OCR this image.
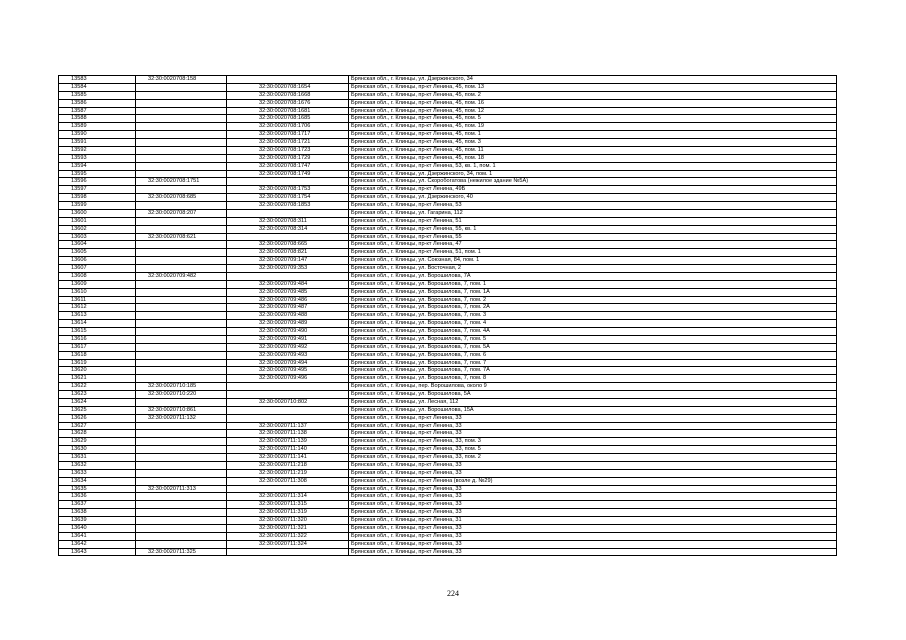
13583	32:30:0020708:158		Брянская обл., г. Клинцы, ул. Дзержинского, 34
13584		32:30:0020708:1654	Брянская обл., г. Клинцы, пр-кт Ленина, 45, пом. 13
13585		32:30:0020708:1668	Брянская обл., г. Клинцы, пр-кт Ленина, 45, пом. 2
13586		32:30:0020708:1676	Брянская обл., г. Клинцы, пр-кт Ленина, 45, пом. 16
13587		32:30:0020708:1681	Брянская обл., г. Клинцы, пр-кт Ленина, 45, пом. 12
13588		32:30:0020708:1685	Брянская обл., г. Клинцы, пр-кт Ленина, 45, пом. 5
13589		32:30:0020708:1706	Брянская обл., г. Клинцы, пр-кт Ленина, 45, пом. 19
13590		32:30:0020708:1717	Брянская обл., г. Клинцы, пр-кт Ленина, 45, пом. 1
13591		32:30:0020708:1721	Брянская обл., г. Клинцы, пр-кт Ленина, 45, пом. 3
13592		32:30:0020708:1723	Брянская обл., г. Клинцы, пр-кт Ленина, 45, пом. 11
13593		32:30:0020708:1729	Брянская обл., г. Клинцы, пр-кт Ленина, 45, пом. 18
13594		32:30:0020708:1747	Брянская обл., г. Клинцы, пр-кт Ленина, 53, кв. 1, пом. 1
13595		32:30:0020708:1749	Брянская обл., г. Клинцы, ул. Дзержинского, 34, пом. 1
13596	32:30:0020708:1751		Брянская обл., г. Клинцы, ул. Скоробогатова (нежилое здание №5А)
13597		32:30:0020708:1753	Брянская обл., г. Клинцы, пр-кт Ленина, 49Б
13598	32:30:0020708:685	32:30:0020708:1754	Брянская обл., г. Клинцы, ул. Дзержинского, 40
13599		32:30:0020708:1853	Брянская обл., г. Клинцы, пр-кт Ленина, 53
13600	32:30:0020708:207		Брянская обл., г. Клинцы, ул. Гагарина, 112
13601		32:30:0020708:311	Брянская обл., г. Клинцы, пр-кт Ленина, 51
13602		32:30:0020708:314	Брянская обл., г. Клинцы, пр-кт Ленина, 55, кв. 1
13603	32:30:0020708:621		Брянская обл., г. Клинцы, пр-кт Ленина, 55
13604		32:30:0020708:665	Брянская обл., г. Клинцы, пр-кт Ленина, 47
13605		32:30:0020708:821	Брянская обл., г. Клинцы, пр-кт Ленина, 51, пом. 1
13606		32:30:0020709:147	Брянская обл., г. Клинцы, ул. Союзная, 84, пом. 1
13607		32:30:0020709:353	Брянская обл., г. Клинцы, ул. Восточная, 2
13608	32:30:0020709:482		Брянская обл., г. Клинцы, ул. Ворошилова, 7А
13609		32:30:0020709:484	Брянская обл., г. Клинцы, ул. Ворошилова, 7, пом. 1
13610		32:30:0020709:485	Брянская обл., г. Клинцы, ул. Ворошилова, 7, пом. 1А
13611		32:30:0020709:486	Брянская обл., г. Клинцы, ул. Ворошилова, 7, пом. 2
13612		32:30:0020709:487	Брянская обл., г. Клинцы, ул. Ворошилова, 7, пом. 2А
13613		32:30:0020709:488	Брянская обл., г. Клинцы, ул. Ворошилова, 7, пом. 3
13614		32:30:0020709:489	Брянская обл., г. Клинцы, ул. Ворошилова, 7, пом. 4
13615		32:30:0020709:490	Брянская обл., г. Клинцы, ул. Ворошилова, 7, пом. 4А
13616		32:30:0020709:491	Брянская обл., г. Клинцы, ул. Ворошилова, 7, пом. 5
13617		32:30:0020709:492	Брянская обл., г. Клинцы, ул. Ворошилова, 7, пом. 5А
13618		32:30:0020709:493	Брянская обл., г. Клинцы, ул. Ворошилова, 7, пом. 6
13619		32:30:0020709:494	Брянская обл., г. Клинцы, ул. Ворошилова, 7, пом. 7
13620		32:30:0020709:495	Брянская обл., г. Клинцы, ул. Ворошилова, 7, пом. 7А
13621		32:30:0020709:496	Брянская обл., г. Клинцы, ул. Ворошилова, 7, пом. 8
13622	32:30:0020710:185		Брянская обл., г. Клинцы, пер. Ворошилова, около 9
13623	32:30:0020710:220		Брянская обл., г. Клинцы, ул. Ворошилова, 5А
13624		32:30:0020710:802	Брянская обл., г. Клинцы, ул. Лесная, 112
13625	32:30:0020710:861		Брянская обл., г. Клинцы, ул. Ворошилова, 15А
13626	32:30:0020711:132		Брянская обл., г. Клинцы, пр-кт Ленина, 33
13627		32:30:0020711:137	Брянская обл., г. Клинцы, пр-кт Ленина, 33
13628		32:30:0020711:138	Брянская обл., г. Клинцы, пр-кт Ленина, 33
13629		32:30:0020711:139	Брянская обл., г. Клинцы, пр-кт Ленина, 33, пом. 3
13630		32:30:0020711:140	Брянская обл., г. Клинцы, пр-кт Ленина, 33, пом. 5
13631		32:30:0020711:141	Брянская обл., г. Клинцы, пр-кт Ленина, 33, пом. 2
13632		32:30:0020711:218	Брянская обл., г. Клинцы, пр-кт Ленина, 33
13633		32:30:0020711:219	Брянская обл., г. Клинцы, пр-кт Ленина, 33
13634		32:30:0020711:308	Брянская обл., г. Клинцы, пр-кт Ленина (возле д. №29)
13635	32:30:0020711:313		Брянская обл., г. Клинцы, пр-кт Ленина, 33
13636		32:30:0020711:314	Брянская обл., г. Клинцы, пр-кт Ленина, 33
13637		32:30:0020711:315	Брянская обл., г. Клинцы, пр-кт Ленина, 33
13638		32:30:0020711:319	Брянская обл., г. Клинцы, пр-кт Ленина, 33
13639		32:30:0020711:320	Брянская обл., г. Клинцы, пр-кт Ленина, 31
13640		32:30:0020711:321	Брянская обл., г. Клинцы, пр-кт Ленина, 33
13641		32:30:0020711:322	Брянская обл., г. Клинцы, пр-кт Ленина, 33
13642		32:30:0020711:324	Брянская обл., г. Клинцы, пр-кт Ленина, 33
13643	32:30:0020711:325		Брянская обл., г. Клинцы, пр-кт Ленина, 33
224
